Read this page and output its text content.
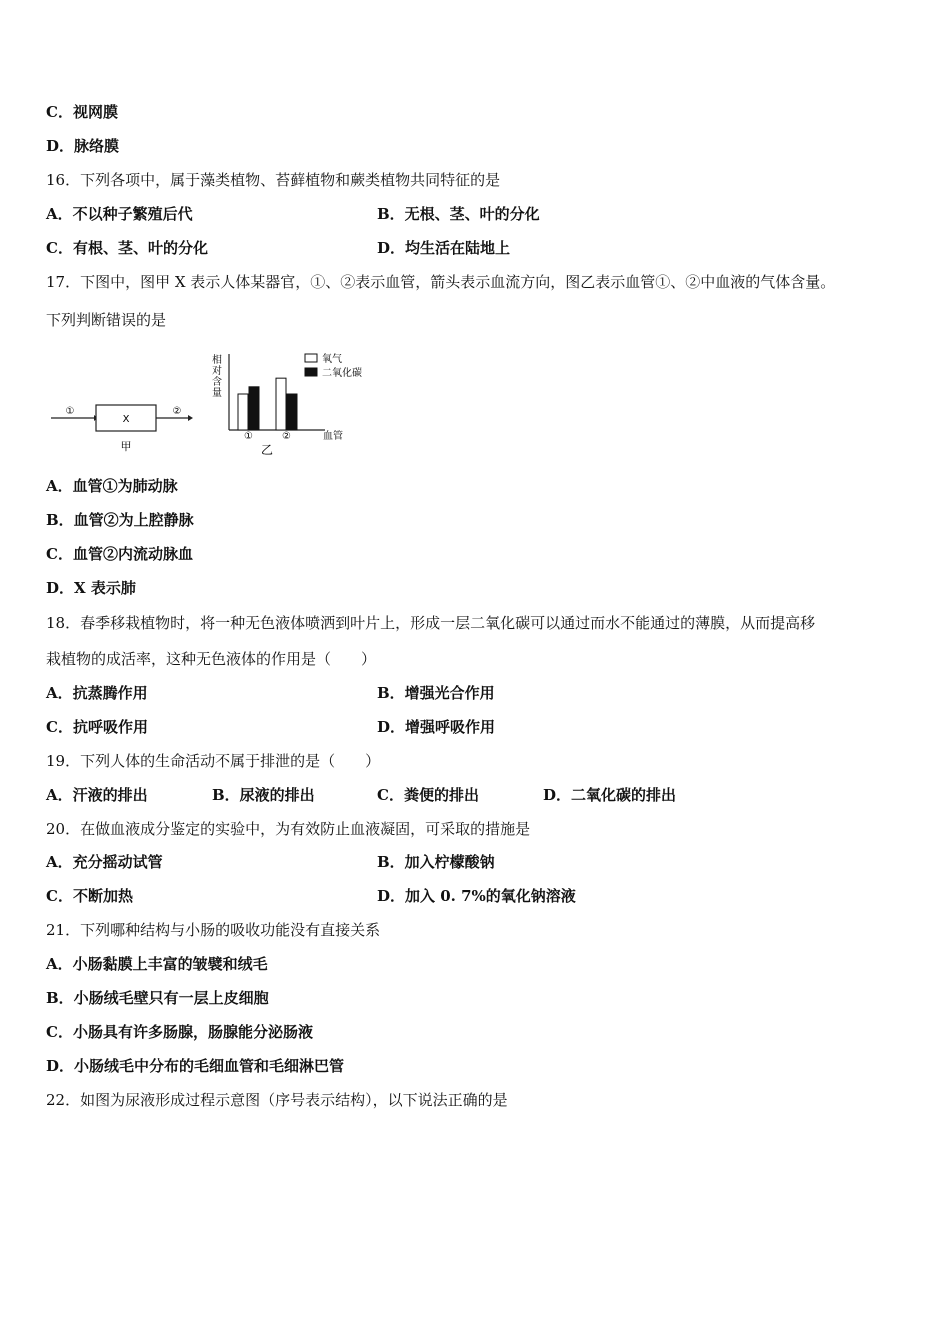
C．视网膜
D．脉络膜
16．下列各项中，属于藻类植物、苔藓植物和蕨类植物共同特征的是
A．不以种子繁殖后代	B．无根、茎、叶的分化
C．有根、茎、叶的分化	D．均生活在陆地上
17．下图中，图甲 X 表示人体某器官，①、②表示血管，箭头表示血流方向，图乙表示血管①、②中血液的气体含量。
下列判断错误的是
①
X
②
甲
相
对
含
量
血管
①	②
氧气
二氧化碳
乙
A．血管①为肺动脉
B．血管②为上腔静脉
C．血管②内流动脉血
D．X 表示肺
18．春季移栽植物时，将一种无色液体喷洒到叶片上，形成一层二氧化碳可以通过而水不能通过的薄膜，从而提高移
栽植物的成活率，这种无色液体的作用是（　　）
A．抗蒸腾作用	B．增强光合作用
C．抗呼吸作用	D．增强呼吸作用
19．下列人体的生命活动不属于排泄的是（　　）
A．汗液的排出	B．尿液的排出	C．粪便的排出	D．二氧化碳的排出
20．在做血液成分鉴定的实验中，为有效防止血液凝固，可采取的措施是
A．充分摇动试管	B．加入柠檬酸钠
C．不断加热	D．加入 0. 7%的氧化钠溶液
21．下列哪种结构与小肠的吸收功能没有直接关系
A．小肠黏膜上丰富的皱襞和绒毛
B．小肠绒毛壁只有一层上皮细胞
C．小肠具有许多肠腺，肠腺能分泌肠液
D．小肠绒毛中分布的毛细血管和毛细淋巴管
22．如图为尿液形成过程示意图（序号表示结构），以下说法正确的是
